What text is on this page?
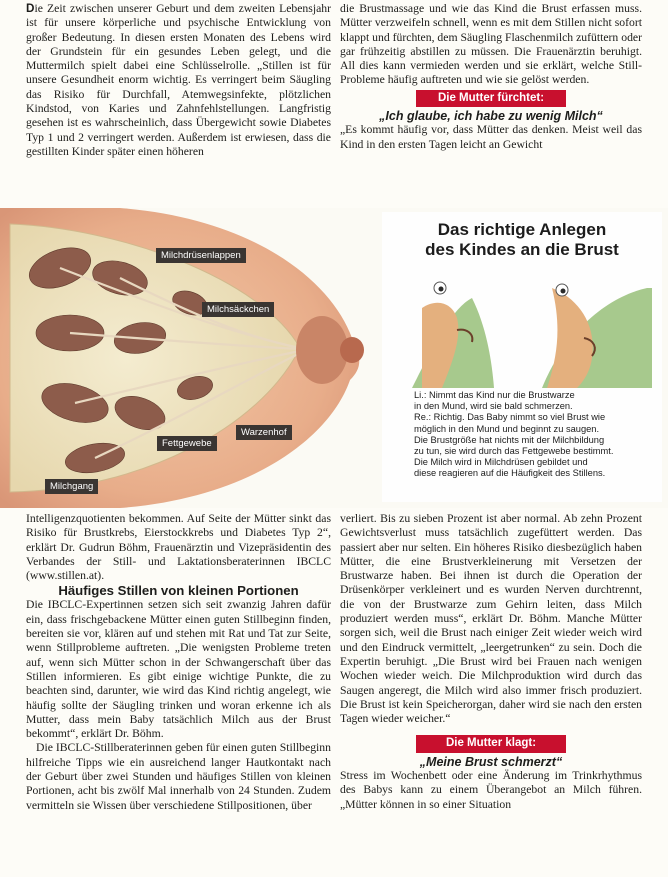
Die Zeit zwischen unserer Geburt und dem zweiten Lebensjahr ist für unsere körperliche und psychische Entwicklung von großer Bedeutung. In diesen ersten Monaten des Lebens wird der Grundstein für ein gesundes Leben gelegt, und die Muttermilch spielt dabei eine Schlüsselrolle. „Stillen ist für unsere Gesundheit enorm wichtig. Es verringert beim Säugling das Risiko für Durchfall, Atemwegsinfekte, plötzlichen Kindstod, von Karies und Zahnfehlstellungen. Langfristig gesehen ist es wahrscheinlich, dass Übergewicht sowie Diabetes Typ 1 und 2 verringert werden. Außerdem ist erwiesen, dass die gestillten Kinder später einen höheren

die Brustmassage und wie das Kind die Brust erfassen muss. Mütter verzweifeln schnell, wenn es mit dem Stillen nicht sofort klappt und fürchten, dem Säugling Flaschenmilch zufüttern oder gar frühzeitig abstillen zu müssen. Die Frauenärztin beruhigt. All dies kann vermieden werden und sie erklärt, welche Still-Probleme häufig auftreten und wie sie gelöst werden.

Die Mutter fürchtet:

„Ich glaube, ich habe zu wenig Milch“

„Es kommt häufig vor, dass Mütter das denken. Meist weil das Kind in den ersten Tagen leicht an Gewicht

Milchdrüsenlappen
Milchsäckchen
Warzenhof
Fettgewebe
Milchgang
Das richtige Anlegen
des Kindes an die Brust
Li.: Nimmt das Kind nur die Brustwarze
in den Mund, wird sie bald schmerzen.
Re.: Richtig. Das Baby nimmt so viel Brust wie
möglich in den Mund und beginnt zu saugen.
Die Brustgröße hat nichts mit der Milchbildung
zu tun, sie wird durch das Fettgewebe bestimmt.
Die Milch wird in Milchdrüsen gebildet und
diese reagieren auf die Häufigkeit des Stillens.

Intelligenzquotienten bekommen. Auf Seite der Mütter sinkt das Risiko für Brustkrebs, Eierstockkrebs und Diabetes Typ 2“, erklärt Dr. Gudrun Böhm, Frauenärztin und Vizepräsidentin des Verbandes der Still- und Laktationsberaterinnen IBCLC (www.stillen.at).

Häufiges Stillen von kleinen Portionen

Die IBCLC-Expertinnen setzen sich seit zwanzig Jahren dafür ein, dass frischgebackene Mütter einen guten Stillbeginn finden, bereiten sie vor, klären auf und stehen mit Rat und Tat zur Seite, wenn Stillprobleme auftreten. „Die wenigsten Probleme treten auf, wenn sich Mütter schon in der Schwangerschaft über das Stillen informieren. Es gibt einige wichtige Punkte, die zu beachten sind, darunter, wie wird das Kind richtig angelegt, wie häufig sollte der Säugling trinken und woran erkenne ich als Mutter, dass mein Baby tatsächlich Milch aus der Brust bekommt“, erklärt Dr. Böhm.

Die IBCLC-Stillberaterinnen geben für einen guten Stillbeginn hilfreiche Tipps wie ein ausreichend langer Hautkontakt nach der Geburt über zwei Stunden und häufiges Stillen von kleinen Portionen, acht bis zwölf Mal innerhalb von 24 Stunden. Zudem vermitteln sie Wissen über verschiedene Stillpositionen, über

verliert. Bis zu sieben Prozent ist aber normal. Ab zehn Prozent Gewichtsverlust muss tatsächlich zugefüttert werden. Das passiert aber nur selten. Ein höheres Risiko diesbezüglich haben Mütter, die eine Brustverkleinerung mit Versetzen der Brustwarze haben. Bei ihnen ist durch die Operation der Drüsenkörper verkleinert und es wurden Nerven durchtrennt, die von der Brustwarze zum Gehirn leiten, dass Milch produziert werden muss“, erklärt Dr. Böhm. Manche Mütter sorgen sich, weil die Brust nach einiger Zeit wieder weich wird und den Eindruck vermittelt, „leergetrunken“ zu sein. Doch die Expertin beruhigt. „Die Brust wird bei Frauen nach wenigen Wochen wieder weich. Die Milchproduktion wird durch das Saugen angeregt, die Milch wird also immer frisch produziert. Die Brust ist kein Speicherorgan, daher wird sie nach den ersten Tagen wieder weicher.“

Die Mutter klagt:

„Meine Brust schmerzt“

Stress im Wochenbett oder eine Änderung im Trinkrhythmus des Babys kann zu einem Überangebot an Milch führen. „Mütter können in so einer Situation
